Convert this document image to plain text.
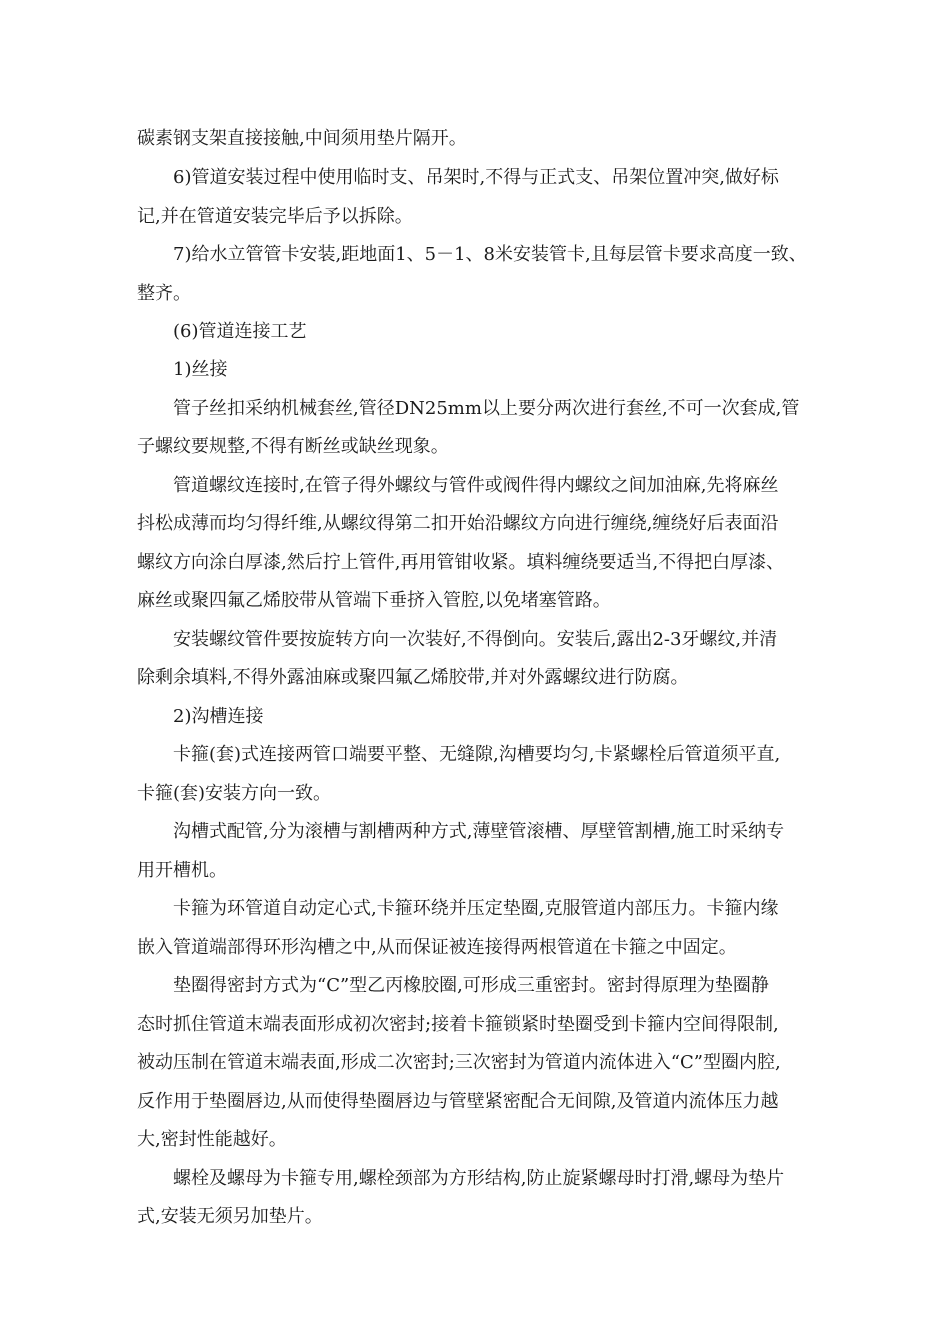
碳素钢支架直接接触,中间须用垫片隔开。
6)管道安装过程中使用临时支、吊架时,不得与正式支、吊架位置冲突,做好标
记,并在管道安装完毕后予以拆除。
7)给水立管管卡安装,距地面1、5－1、8米安装管卡,且每层管卡要求高度一致、
整齐。
(6)管道连接工艺
1)丝接
管子丝扣采纳机械套丝,管径DN25mm以上要分两次进行套丝,不可一次套成,管
子螺纹要规整,不得有断丝或缺丝现象。
管道螺纹连接时,在管子得外螺纹与管件或阀件得内螺纹之间加油麻,先将麻丝
抖松成薄而均匀得纤维,从螺纹得第二扣开始沿螺纹方向进行缠绕,缠绕好后表面沿
螺纹方向涂白厚漆,然后拧上管件,再用管钳收紧。填料缠绕要适当,不得把白厚漆、
麻丝或聚四氟乙烯胶带从管端下垂挤入管腔,以免堵塞管路。
安装螺纹管件要按旋转方向一次装好,不得倒向。安装后,露出2-3牙螺纹,并清
除剩余填料,不得外露油麻或聚四氟乙烯胶带,并对外露螺纹进行防腐。
2)沟槽连接
卡箍(套)式连接两管口端要平整、无缝隙,沟槽要均匀,卡紧螺栓后管道须平直,
卡箍(套)安装方向一致。
沟槽式配管,分为滚槽与割槽两种方式,薄壁管滚槽、厚壁管割槽,施工时采纳专
用开槽机。
卡箍为环管道自动定心式,卡箍环绕并压定垫圈,克服管道内部压力。卡箍内缘
嵌入管道端部得环形沟槽之中,从而保证被连接得两根管道在卡箍之中固定。
垫圈得密封方式为“C”型乙丙橡胶圈,可形成三重密封。密封得原理为垫圈静
态时抓住管道末端表面形成初次密封;接着卡箍锁紧时垫圈受到卡箍内空间得限制,
被动压制在管道末端表面,形成二次密封;三次密封为管道内流体进入“C”型圈内腔,
反作用于垫圈唇边,从而使得垫圈唇边与管壁紧密配合无间隙,及管道内流体压力越
大,密封性能越好。
螺栓及螺母为卡箍专用,螺栓颈部为方形结构,防止旋紧螺母时打滑,螺母为垫片
式,安装无须另加垫片。
